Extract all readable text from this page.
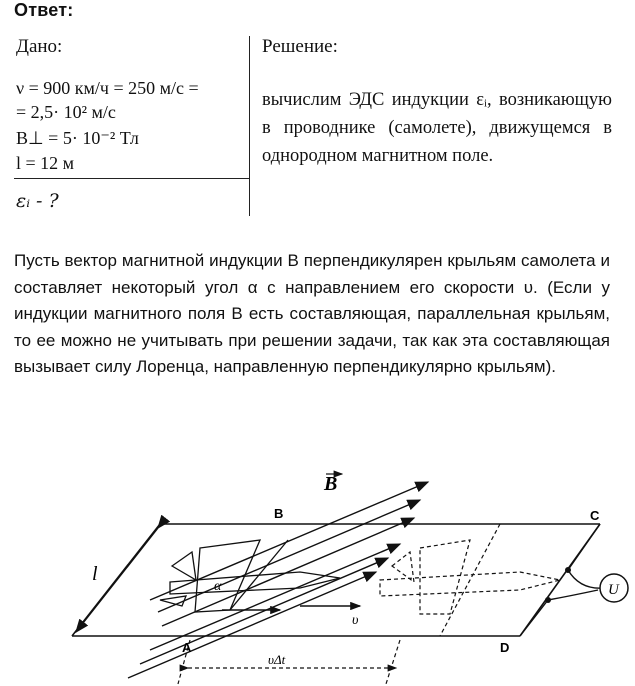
Ответ:
Дано:
ν = 900 км/ч = 250 м/с =
= 2,5· 10² м/с
B⊥ = 5· 10⁻² Тл
l = 12 м
εᵢ - ?
Решение:
вычислим ЭДС индукции εᵢ, возникающую в проводнике (самолете), движущемся в однородном магнитном поле.
Пусть вектор магнитной индукции B перпендикулярен крыльям самолета и составляет некоторый угол α с направлением его скорости υ. (Если у индукции магнитного поля B есть составляющая, параллельная крыльям, то ее можно не учитывать при решении задачи, так как эта составляющая вызывает силу Лоренца, направленную перпендикулярно крыльям).
B
l
B	C
A	D
α
υ
υΔt
U
